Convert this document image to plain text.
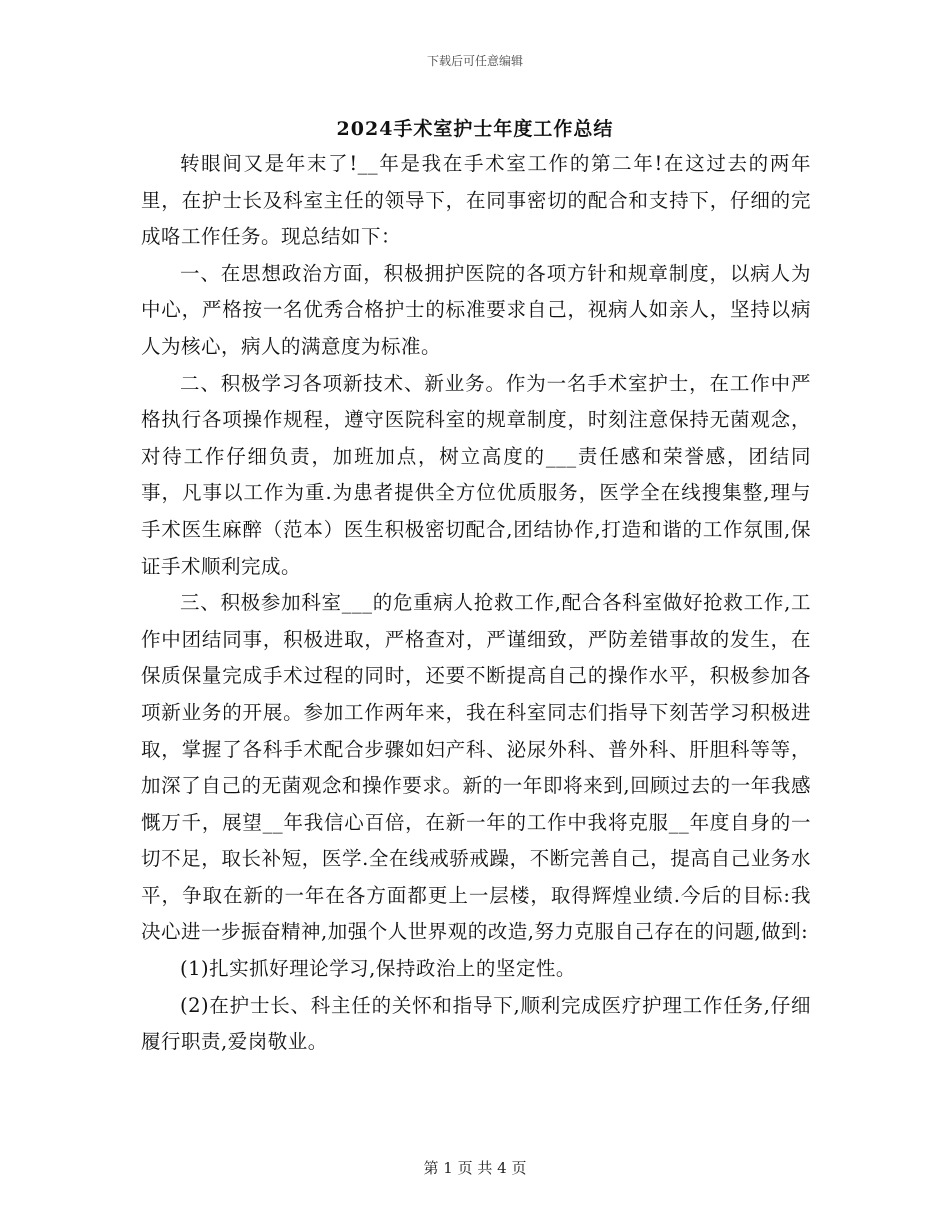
下载后可任意编辑
2024手术室护士年度工作总结

转眼间又是年末了!__年是我在手术室工作的第二年!在这过去的两年里，在护士长及科室主任的领导下，在同事密切的配合和支持下，仔细的完成咯工作任务。现总结如下：

一、在思想政治方面，积极拥护医院的各项方针和规章制度，以病人为中心，严格按一名优秀合格护士的标准要求自己，视病人如亲人，坚持以病人为核心，病人的满意度为标准。

二、积极学习各项新技术、新业务。作为一名手术室护士，在工作中严格执行各项操作规程，遵守医院科室的规章制度，时刻注意保持无菌观念，对待工作仔细负责，加班加点，树立高度的___责任感和荣誉感，团结同事，凡事以工作为重.为患者提供全方位优质服务，医学全在线搜集整,理与手术医生麻醉（范本）医生积极密切配合,团结协作,打造和谐的工作氛围,保证手术顺利完成。

三、积极参加科室___的危重病人抢救工作,配合各科室做好抢救工作,工作中团结同事，积极进取，严格查对，严谨细致，严防差错事故的发生，在保质保量完成手术过程的同时，还要不断提高自己的操作水平，积极参加各项新业务的开展。参加工作两年来，我在科室同志们指导下刻苦学习积极进取，掌握了各科手术配合步骤如妇产科、泌尿外科、普外科、肝胆科等等，加深了自己的无菌观念和操作要求。新的一年即将来到,回顾过去的一年我感慨万千，展望__年我信心百倍，在新一年的工作中我将克服__年度自身的一切不足，取长补短，医学.全在线戒骄戒躁，不断完善自己，提高自己业务水平，争取在新的一年在各方面都更上一层楼，取得辉煌业绩.今后的目标:我决心进一步振奋精神,加强个人世界观的改造,努力克服自己存在的问题,做到:

(1)扎实抓好理论学习,保持政治上的坚定性。

(2)在护士长、科主任的关怀和指导下,顺利完成医疗护理工作任务,仔细履行职责,爱岗敬业。

第 1 页 共 4 页
